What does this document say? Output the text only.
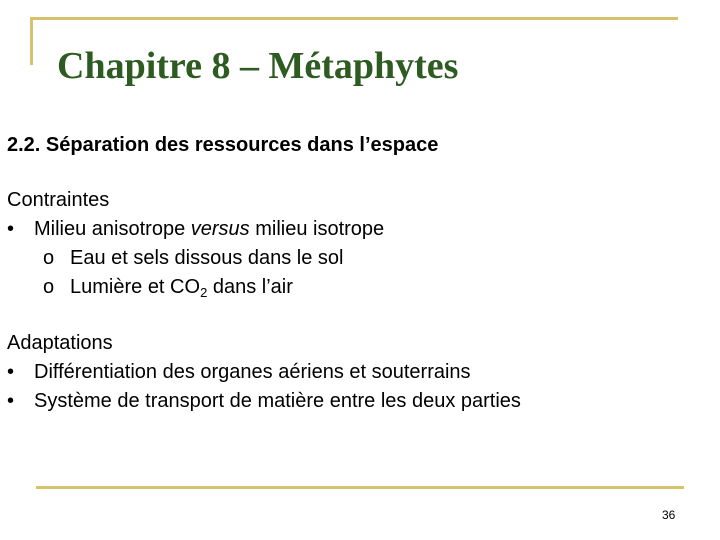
Chapitre 8 – Métaphytes
2.2. Séparation des ressources dans l’espace
Contraintes
• Milieu anisotrope versus milieu isotrope
o Eau et sels dissous dans le sol
o Lumière et $CO_2$ dans l’air
Adaptations
• Différentiation des organes aériens et souterrains
• Système de transport de matière entre les deux parties
36
